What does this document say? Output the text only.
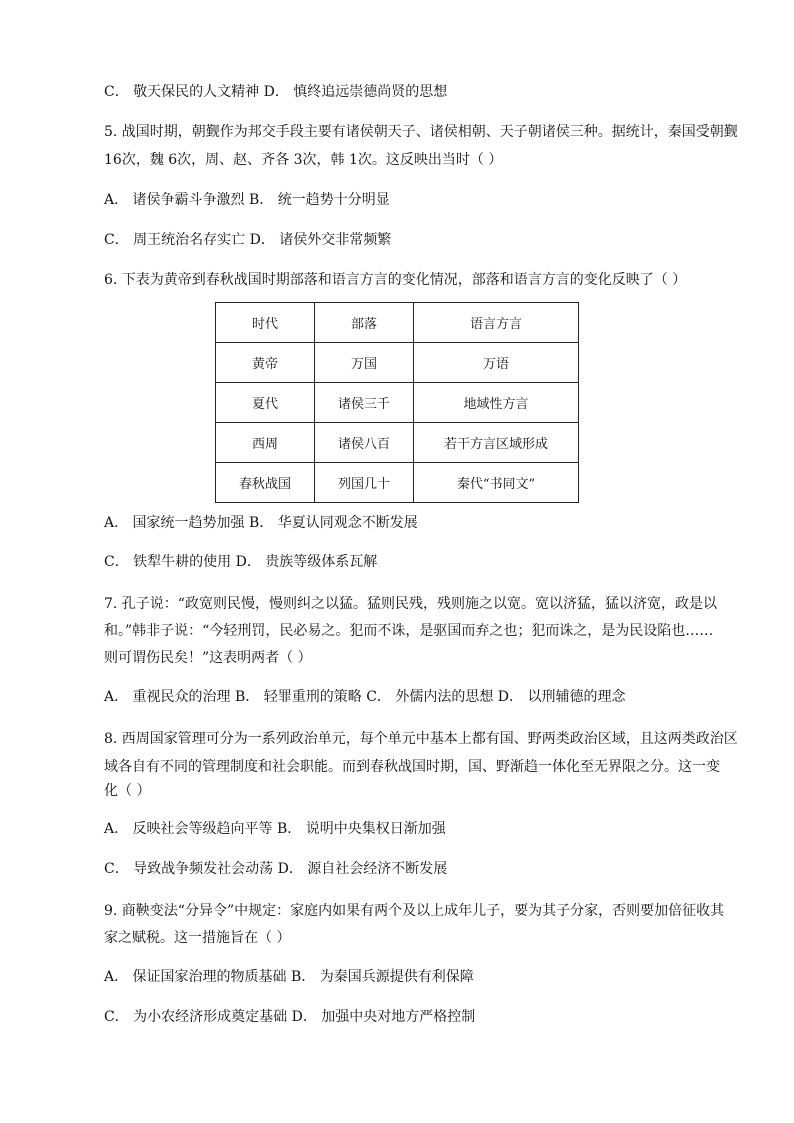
C． 敬天保民的人文精神 D． 慎终追远崇德尚贤的思想
5. 战国时期，朝觐作为邦交手段主要有诸侯朝天子、诸侯相朝、天子朝诸侯三种。据统计，秦国受朝觐
16次，魏 6次，周、赵、齐各 3次，韩 1次。这反映出当时（ ）
A． 诸侯争霸斗争激烈 B． 统一趋势十分明显
C． 周王统治名存实亡 D． 诸侯外交非常频繁
6. 下表为黄帝到春秋战国时期部落和语言方言的变化情况，部落和语言方言的变化反映了（ ）
时代	部落	语言方言
黄帝	万国	万语
夏代	诸侯三千	地域性方言
西周	诸侯八百	若干方言区域形成
春秋战国	列国几十	秦代“书同文”
A． 国家统一趋势加强 B． 华夏认同观念不断发展
C． 铁犁牛耕的使用 D． 贵族等级体系瓦解
7. 孔子说：“政宽则民慢，慢则纠之以猛。猛则民残，残则施之以宽。宽以济猛，猛以济宽，政是以
和。”韩非子说：“今轻刑罚，民必易之。犯而不诛，是驱国而弃之也；犯而诛之，是为民设陷也……
则可谓伤民矣！”这表明两者（ ）
A． 重视民众的治理 B． 轻罪重刑的策略 C． 外儒内法的思想 D． 以刑辅德的理念
8. 西周国家管理可分为一系列政治单元，每个单元中基本上都有国、野两类政治区域，且这两类政治区
域各自有不同的管理制度和社会职能。而到春秋战国时期，国、野渐趋一体化至无界限之分。这一变
化（ ）
A． 反映社会等级趋向平等 B． 说明中央集权日渐加强
C． 导致战争频发社会动荡 D． 源自社会经济不断发展
9. 商鞅变法“分异令”中规定：家庭内如果有两个及以上成年儿子，要为其子分家，否则要加倍征收其
家之赋税。这一措施旨在（ ）
A． 保证国家治理的物质基础 B． 为秦国兵源提供有利保障
C． 为小农经济形成奠定基础 D． 加强中央对地方严格控制
